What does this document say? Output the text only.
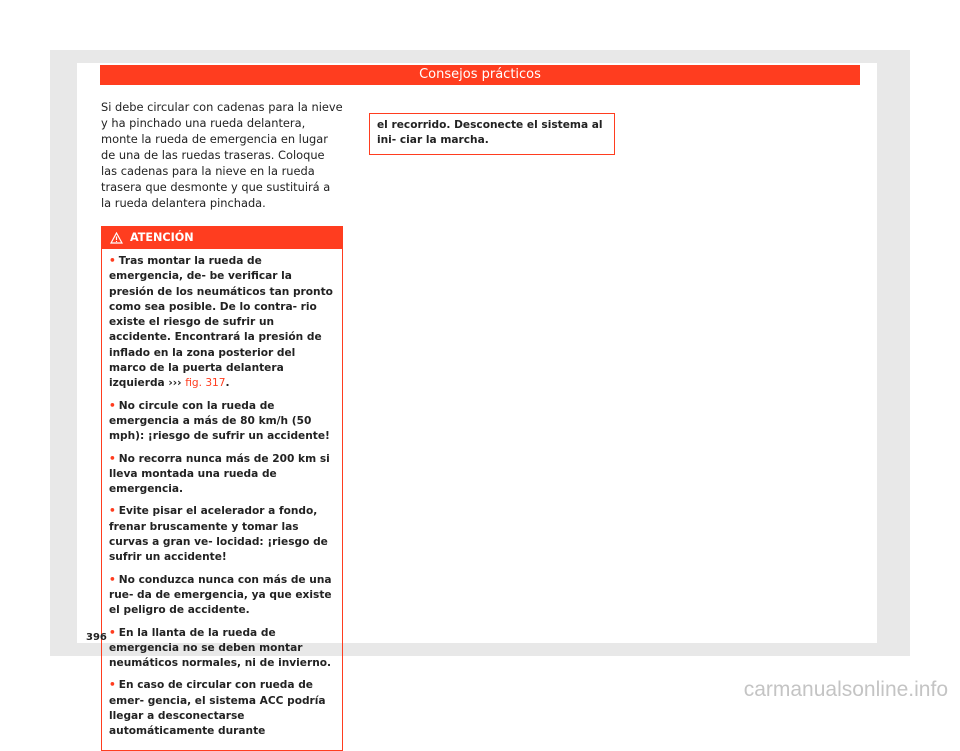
Consejos prácticos

Si debe circular con cadenas para la nieve y ha pinchado una rueda delantera, monte la rueda de emergencia en lugar de una de las ruedas traseras. Coloque las cadenas para la nieve en la rueda trasera que desmonte y que sustituirá a la rueda delantera pinchada.

ATENCIÓN

• Tras montar la rueda de emergencia, de- be verificar la presión de los neumáticos tan pronto como sea posible. De lo contra- rio existe el riesgo de sufrir un accidente. Encontrará la presión de inflado en la zona posterior del marco de la puerta delantera izquierda ››› fig. 317.

• No circule con la rueda de emergencia a más de 80 km/h (50 mph): ¡riesgo de sufrir un accidente!

• No recorra nunca más de 200 km si lleva montada una rueda de emergencia.

• Evite pisar el acelerador a fondo, frenar bruscamente y tomar las curvas a gran ve- locidad: ¡riesgo de sufrir un accidente!

• No conduzca nunca con más de una rue- da de emergencia, ya que existe el peligro de accidente.

• En la llanta de la rueda de emergencia no se deben montar neumáticos normales, ni de invierno.

• En caso de circular con rueda de emer- gencia, el sistema ACC podría llegar a desconectarse automáticamente durante

el recorrido. Desconecte el sistema al ini- ciar la marcha.

396
carmanualsonline.info
